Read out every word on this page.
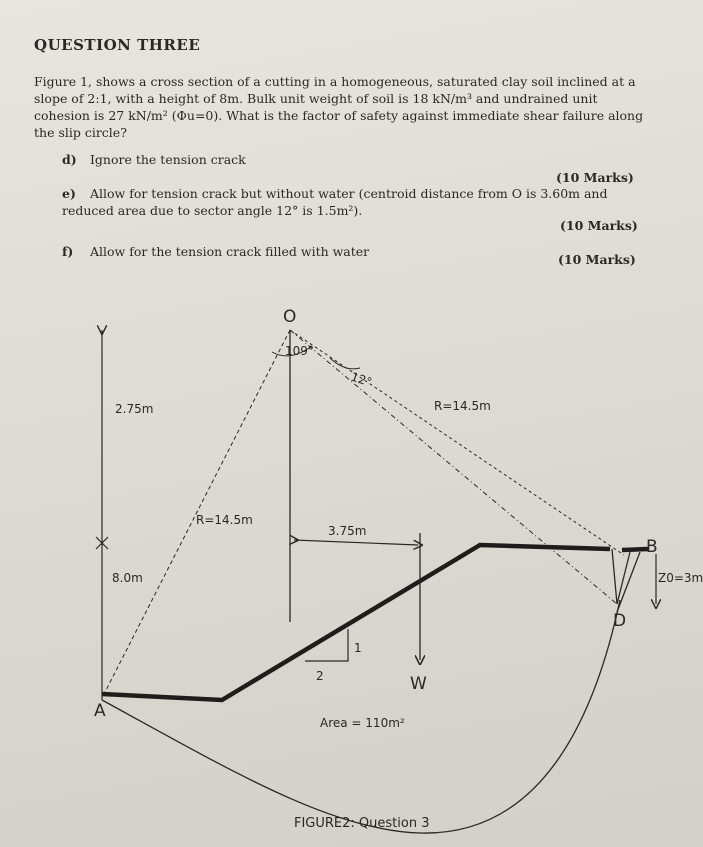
QUESTION THREE
Figure 1, shows a cross section of a cutting in a homogeneous, saturated clay soil inclined at a slope of 2:1, with a height of 8m. Bulk unit weight of soil is 18 kN/m³ and undrained unit cohesion is 27 kN/m² (Φu=0). What is the factor of safety against immediate shear failure along the slip circle?
d) Ignore the tension crack
(10 Marks)
e) Allow for tension crack but without water (centroid distance from O is 3.60m and reduced area due to sector angle 12° is 1.5m²).
(10 Marks)
f) Allow for the tension crack filled with water
(10 Marks)
O
109°
12°
R=14.5m
R=14.5m
2.75m
8.0m
3.75m
1
2	W
A
B
D
Z0=3m
Area = 110m²
FIGURE2: Question 3
